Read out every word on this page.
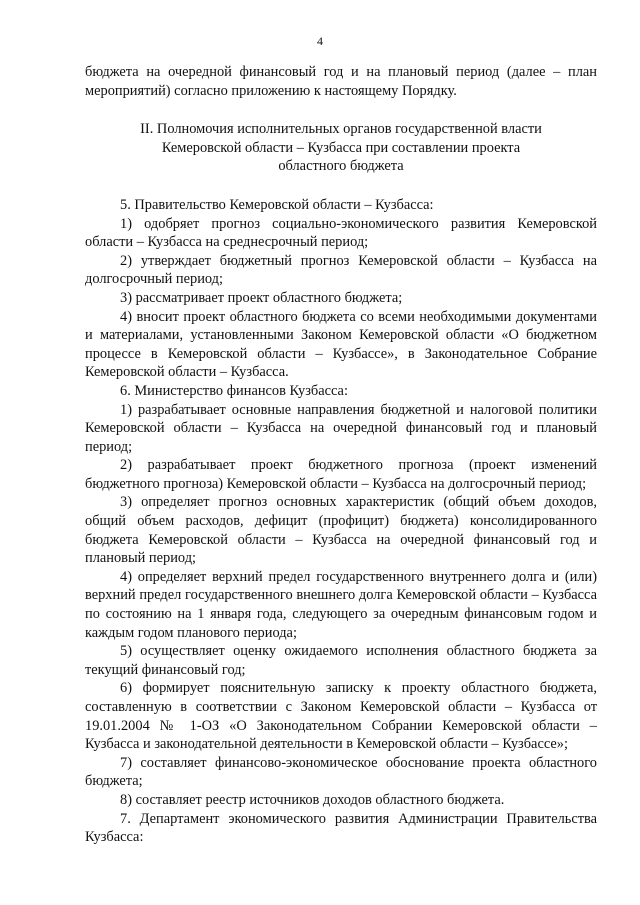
4

бюджета на очередной финансовый год и на плановый период (далее – план мероприятий) согласно приложению к настоящему Порядку.

II. Полномочия исполнительных органов государственной власти
Кемеровской области – Кузбасса при составлении проекта
областного бюджета

5. Правительство Кемеровской области – Кузбасса:

1) одобряет прогноз социально-экономического развития Кемеровской области – Кузбасса на среднесрочный период;

2) утверждает бюджетный прогноз Кемеровской области – Кузбасса на долгосрочный период;

3) рассматривает проект областного бюджета;

4) вносит проект областного бюджета со всеми необходимыми документами и материалами, установленными Законом Кемеровской области «О бюджетном процессе в Кемеровской области – Кузбассе», в Законодательное Собрание Кемеровской области – Кузбасса.

6. Министерство финансов Кузбасса:

1) разрабатывает основные направления бюджетной и налоговой политики Кемеровской области – Кузбасса на очередной финансовый год и плановый период;

2) разрабатывает проект бюджетного прогноза (проект изменений бюджетного прогноза) Кемеровской области – Кузбасса на долгосрочный период;

3) определяет прогноз основных характеристик (общий объем доходов, общий объем расходов, дефицит (профицит) бюджета) консолидированного бюджета Кемеровской области – Кузбасса на очередной финансовый год и плановый период;

4) определяет верхний предел государственного внутреннего долга и (или) верхний предел государственного внешнего долга Кемеровской области – Кузбасса по состоянию на 1 января года, следующего за очередным финансовым годом и каждым годом планового периода;

5) осуществляет оценку ожидаемого исполнения областного бюджета за текущий финансовый год;

6) формирует пояснительную записку к проекту областного бюджета, составленную в соответствии с Законом Кемеровской области – Кузбасса от 19.01.2004 № 1-ОЗ «О Законодательном Собрании Кемеровской области – Кузбасса и законодательной деятельности в Кемеровской области – Кузбассе»;

7) составляет финансово-экономическое обоснование проекта областного бюджета;

8) составляет реестр источников доходов областного бюджета.

7. Департамент экономического развития Администрации Правительства Кузбасса:
